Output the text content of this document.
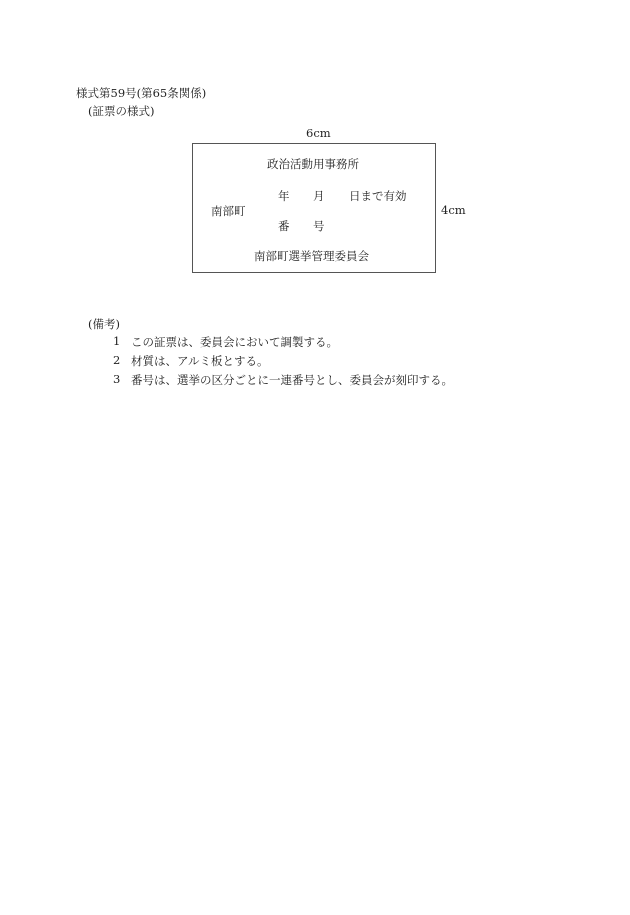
様式第59号(第65条関係)
(証票の様式)
6cm
4cm
政治活動用事務所
年 月 日まで有効
南部町
番 号
南部町選挙管理委員会
(備考)
1 この証票は、委員会において調製する。
2 材質は、アルミ板とする。
3 番号は、選挙の区分ごとに一連番号とし、委員会が刻印する。
